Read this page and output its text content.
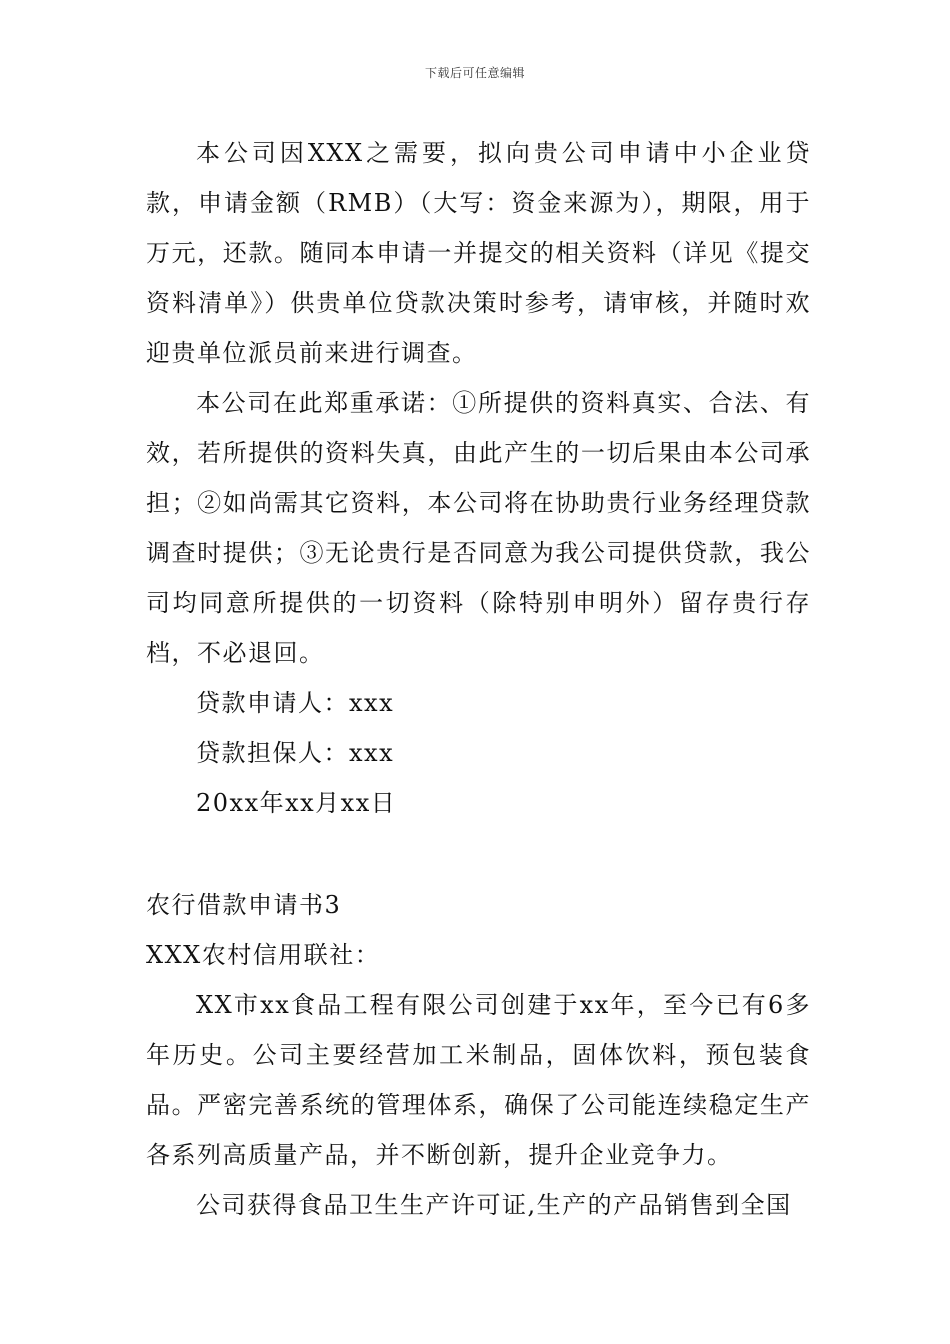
下载后可任意编辑

本公司因XXX之需要，拟向贵公司申请中小企业贷款，申请金额（RMB）（大写：资金来源为），期限，用于万元，还款。随同本申请一并提交的相关资料（详见《提交资料清单》）供贵单位贷款决策时参考，请审核，并随时欢迎贵单位派员前来进行调查。

本公司在此郑重承诺：①所提供的资料真实、合法、有效，若所提供的资料失真，由此产生的一切后果由本公司承担；②如尚需其它资料，本公司将在协助贵行业务经理贷款调查时提供；③无论贵行是否同意为我公司提供贷款，我公司均同意所提供的一切资料（除特别申明外）留存贵行存档，不必退回。

贷款申请人：xxx

贷款担保人：xxx

20xx年xx月xx日

农行借款申请书3

XXX农村信用联社：

XX市xx食品工程有限公司创建于xx年，至今已有6多年历史。公司主要经营加工米制品，固体饮料，预包装食品。严密完善系统的管理体系，确保了公司能连续稳定生产各系列高质量产品，并不断创新，提升企业竞争力。

公司获得食品卫生生产许可证,生产的产品销售到全国
